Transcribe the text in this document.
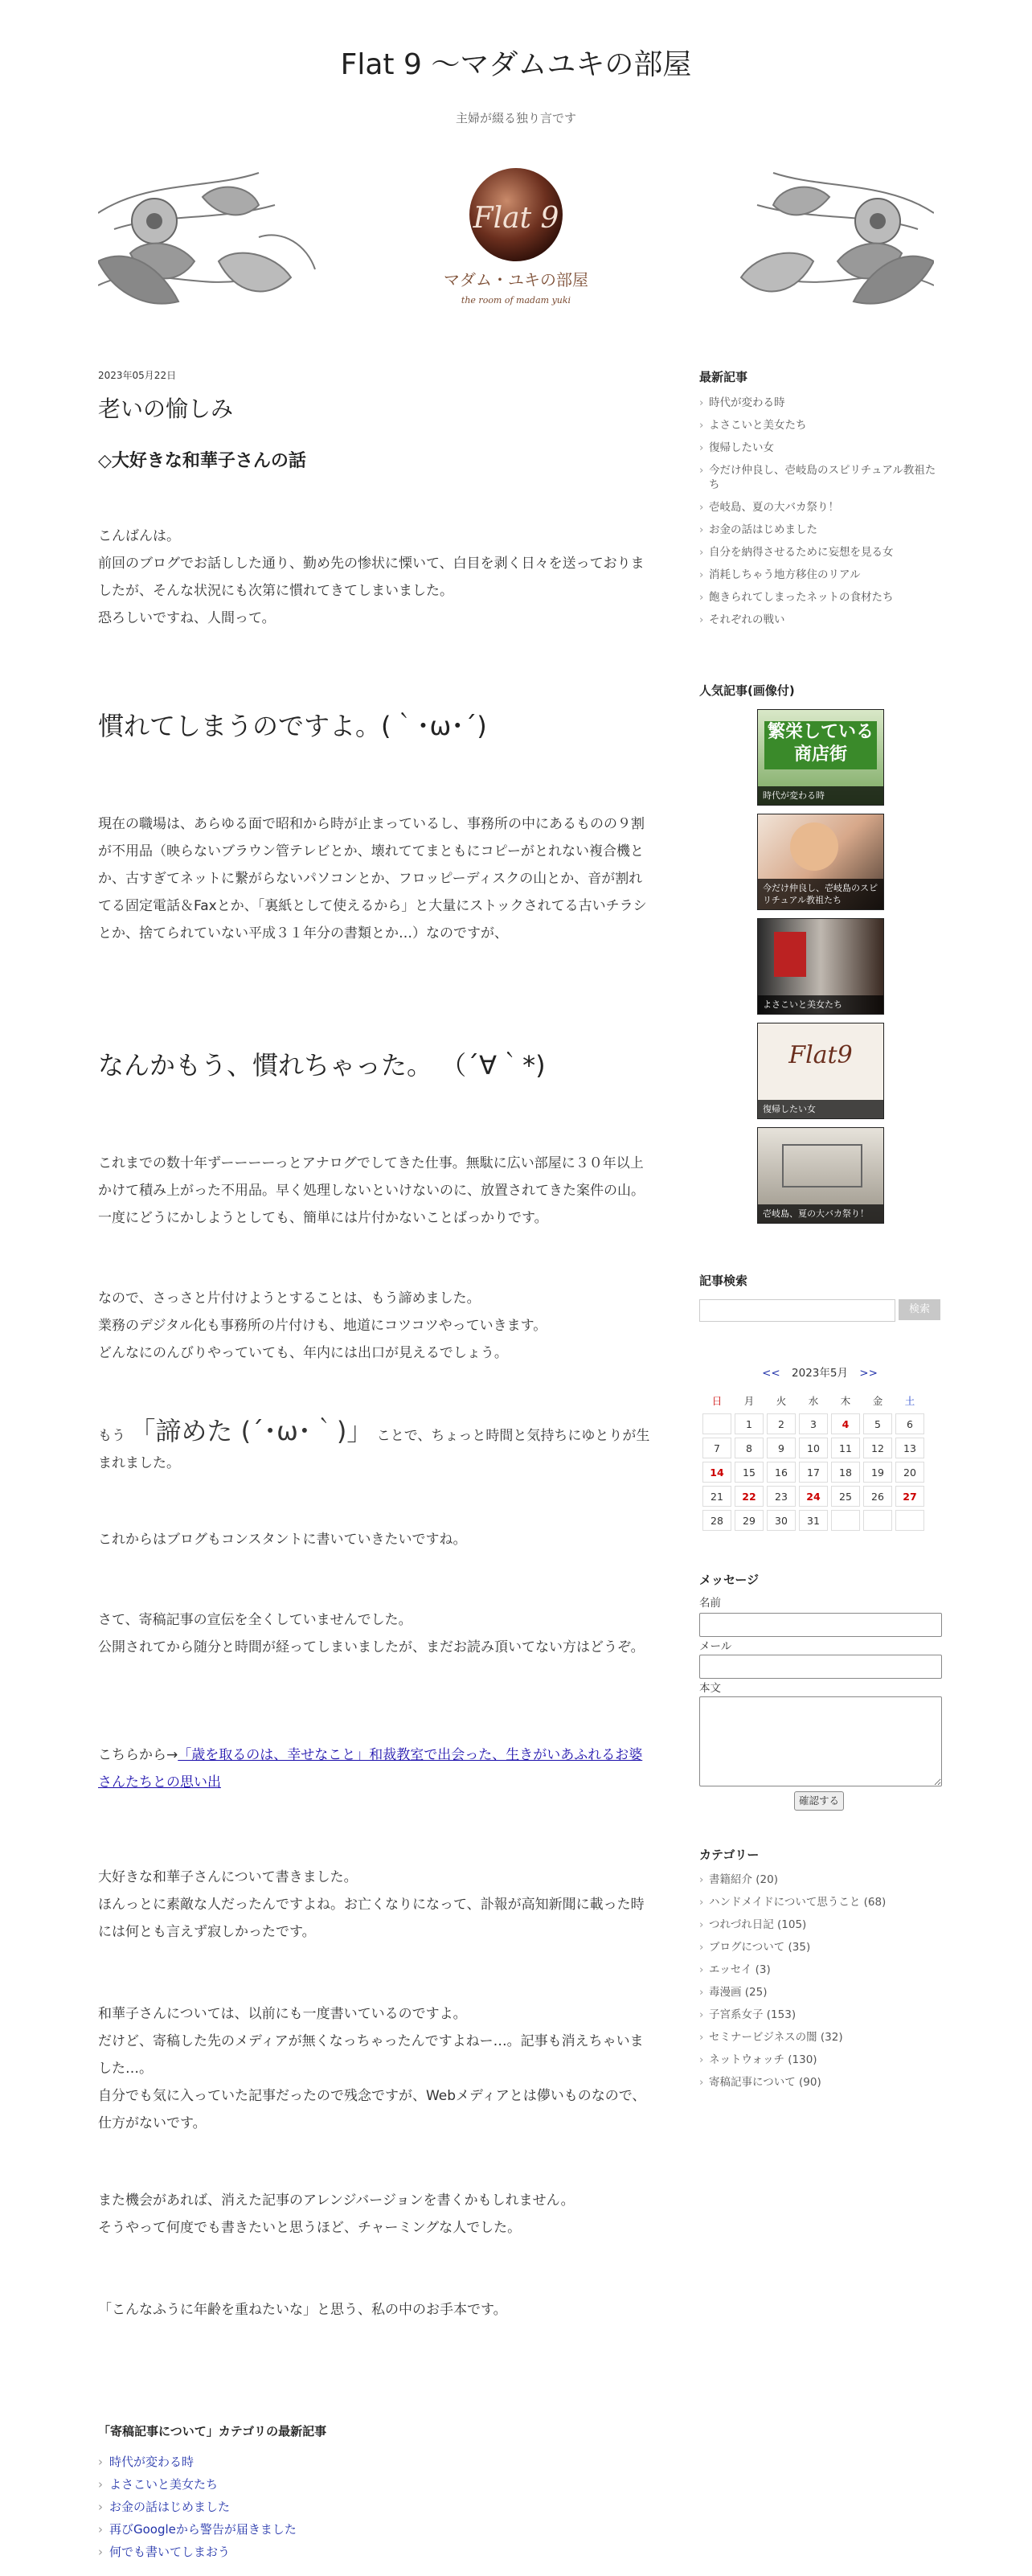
Flat 9 〜マダムユキの部屋
主婦が綴る独り言です
Flat 9
マダム・ユキの部屋
the room of madam yuki
2023年05月22日
老いの愉しみ
◇大好きな和華子さんの話
こんばんは。
前回のブログでお話しした通り、勤め先の惨状に慄いて、白目を剥く日々を送っておりましたが、そんな状況にも次第に慣れてきてしまいました。
恐ろしいですね、人間って。
慣れてしまうのですよ。(｀･ω･´)
現在の職場は、あらゆる面で昭和から時が止まっているし、事務所の中にあるものの９割が不用品（映らないブラウン管テレビとか、壊れててまともにコピーがとれない複合機とか、古すぎてネットに繋がらないパソコンとか、フロッピーディスクの山とか、音が割れてる固定電話＆Faxとか、「裏紙として使えるから」と大量にストックされてる古いチラシとか、捨てられていない平成３１年分の書類とか…）なのですが、
なんかもう、慣れちゃった。 （´∀｀*)
これまでの数十年ずーーーーっとアナログでしてきた仕事。無駄に広い部屋に３０年以上かけて積み上がった不用品。早く処理しないといけないのに、放置されてきた案件の山。
一度にどうにかしようとしても、簡単には片付かないことばっかりです。
なので、さっさと片付けようとすることは、もう諦めました。
業務のデジタル化も事務所の片付けも、地道にコツコツやっていきます。
どんなにのんびりやっていても、年内には出口が見えるでしょう。
もう 「諦めた (´･ω･｀)」 ことで、ちょっと時間と気持ちにゆとりが生まれました。
これからはブログもコンスタントに書いていきたいですね。
さて、寄稿記事の宣伝を全くしていませんでした。
公開されてから随分と時間が経ってしまいましたが、まだお読み頂いてない方はどうぞ。
こちらから→「歳を取るのは、幸せなこと」和裁教室で出会った、生きがいあふれるお婆さんたちとの思い出
大好きな和華子さんについて書きました。
ほんっとに素敵な人だったんですよね。お亡くなりになって、訃報が高知新聞に載った時には何とも言えず寂しかったです。
和華子さんについては、以前にも一度書いているのですよ。
だけど、寄稿した先のメディアが無くなっちゃったんですよねー…。記事も消えちゃいました…。
自分でも気に入っていた記事だったので残念ですが、Webメディアとは儚いものなので、仕方がないです。
また機会があれば、消えた記事のアレンジバージョンを書くかもしれません。
そうやって何度でも書きたいと思うほど、チャーミングな人でした。
「こんなふうに年齢を重ねたいな」と思う、私の中のお手本です。
「寄稿記事について」カテゴリの最新記事
› 時代が変わる時
› よさこいと美女たち
› お金の話はじめました
› 再びGoogleから警告が届きました
› 何でも書いてしまおう
最新記事
› 時代が変わる時
› よさこいと美女たち
› 復帰したい女
› 今だけ仲良し、壱岐島のスピリチュアル教祖たち
› 壱岐島、夏の大バカ祭り！
› お金の話はじめました
› 自分を納得させるために妄想を見る女
› 消耗しちゃう地方移住のリアル
› 飽きられてしまったネットの食材たち
› それぞれの戦い
人気記事(画像付)
繁栄している商店街
時代が変わる時
今だけ仲良し、壱岐島のスピリチュアル教祖たち
よさこいと美女たち
Flat9
復帰したい女
壱岐島、夏の大バカ祭り！
記事検索
検索
<< 2023年5月 >>
日	月	火	水	木	金	土
	1	2	3	4	5	6
7	8	9	10	11	12	13
14	15	16	17	18	19	20
21	22	23	24	25	26	27
28	29	30	31			
メッセージ
名前
メール
本文
確認する
カテゴリー
› 書籍紹介 (20)
› ハンドメイドについて思うこと (68)
› つれづれ日記 (105)
› ブログについて (35)
› エッセイ (3)
› 毒漫画 (25)
› 子宮系女子 (153)
› セミナービジネスの闇 (32)
› ネットウォッチ (130)
› 寄稿記事について (90)
